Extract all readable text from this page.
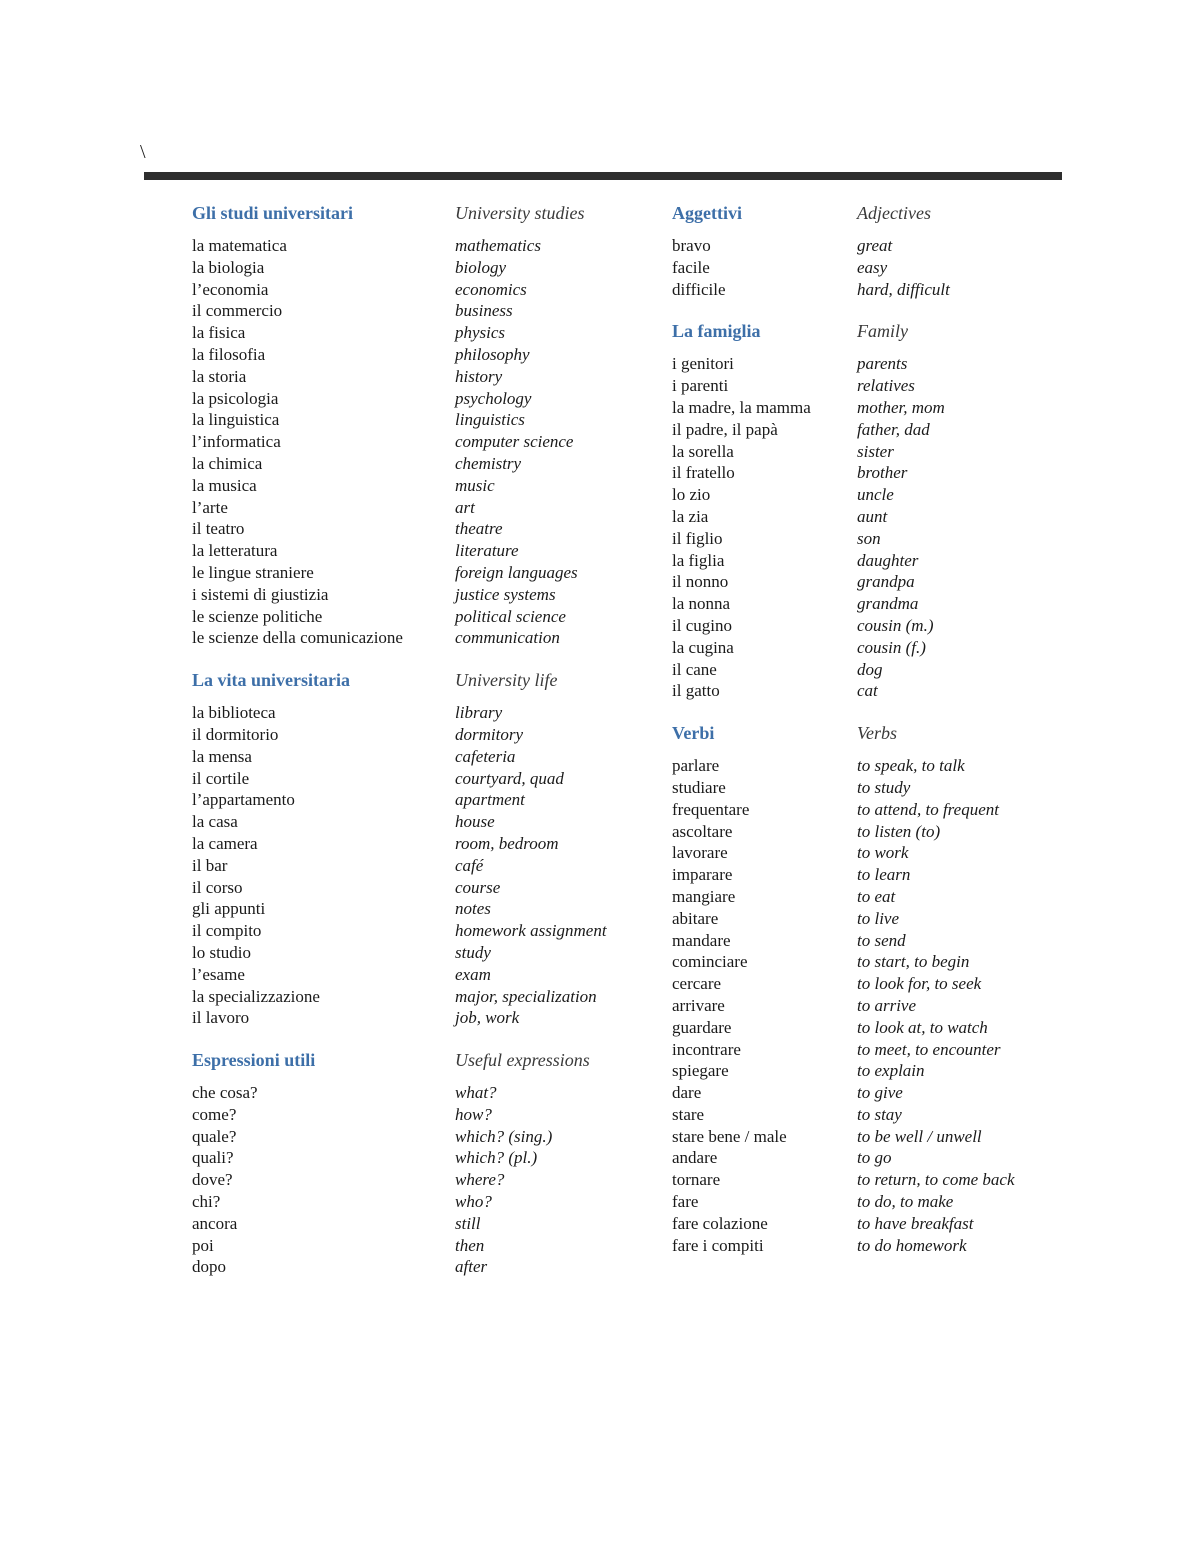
\
Gli studi universitari
la matematica
la biologia
l’economia
il commercio
la fisica
la filosofia
la storia
la psicologia
la linguistica
l’informatica
la chimica
la musica
l’arte
il teatro
la letteratura
le lingue straniere
i sistemi di giustizia
le scienze politiche
le scienze della comunicazione
La vita universitaria
la biblioteca
il dormitorio
la mensa
il cortile
l’appartamento
la casa
la camera
il bar
il corso
gli appunti
il compito
lo studio
l’esame
la specializzazione
il lavoro
Espressioni utili
che cosa?
come?
quale?
quali?
dove?
chi?
ancora
poi
dopo
University studies
mathematics
biology
economics
business
physics
philosophy
history
psychology
linguistics
computer science
chemistry
music
art
theatre
literature
foreign languages
justice systems
political science
communication
University life
library
dormitory
cafeteria
courtyard, quad
apartment
house
room, bedroom
café
course
notes
homework assignment
study
exam
major, specialization
job, work
Useful expressions
what?
how?
which? (sing.)
which? (pl.)
where?
who?
still
then
after
Aggettivi
bravo
facile
difficile
La famiglia
i genitori
i parenti
la madre, la mamma
il padre, il papà
la sorella
il fratello
lo zio
la zia
il figlio
la figlia
il nonno
la nonna
il cugino
la cugina
il cane
il gatto
Verbi
parlare
studiare
frequentare
ascoltare
lavorare
imparare
mangiare
abitare
mandare
cominciare
cercare
arrivare
guardare
incontrare
spiegare
dare
stare
stare bene / male
andare
tornare
fare
fare colazione
fare i compiti
Adjectives
great
easy
hard, difficult
Family
parents
relatives
mother, mom
father, dad
sister
brother
uncle
aunt
son
daughter
grandpa
grandma
cousin (m.)
cousin (f.)
dog
cat
Verbs
to speak, to talk
to study
to attend, to frequent
to listen (to)
to work
to learn
to eat
to live
to send
to start, to begin
to look for, to seek
to arrive
to look at, to watch
to meet, to encounter
to explain
to give
to stay
to be well / unwell
to go
to return, to come back
to do, to make
to have breakfast
to do homework
